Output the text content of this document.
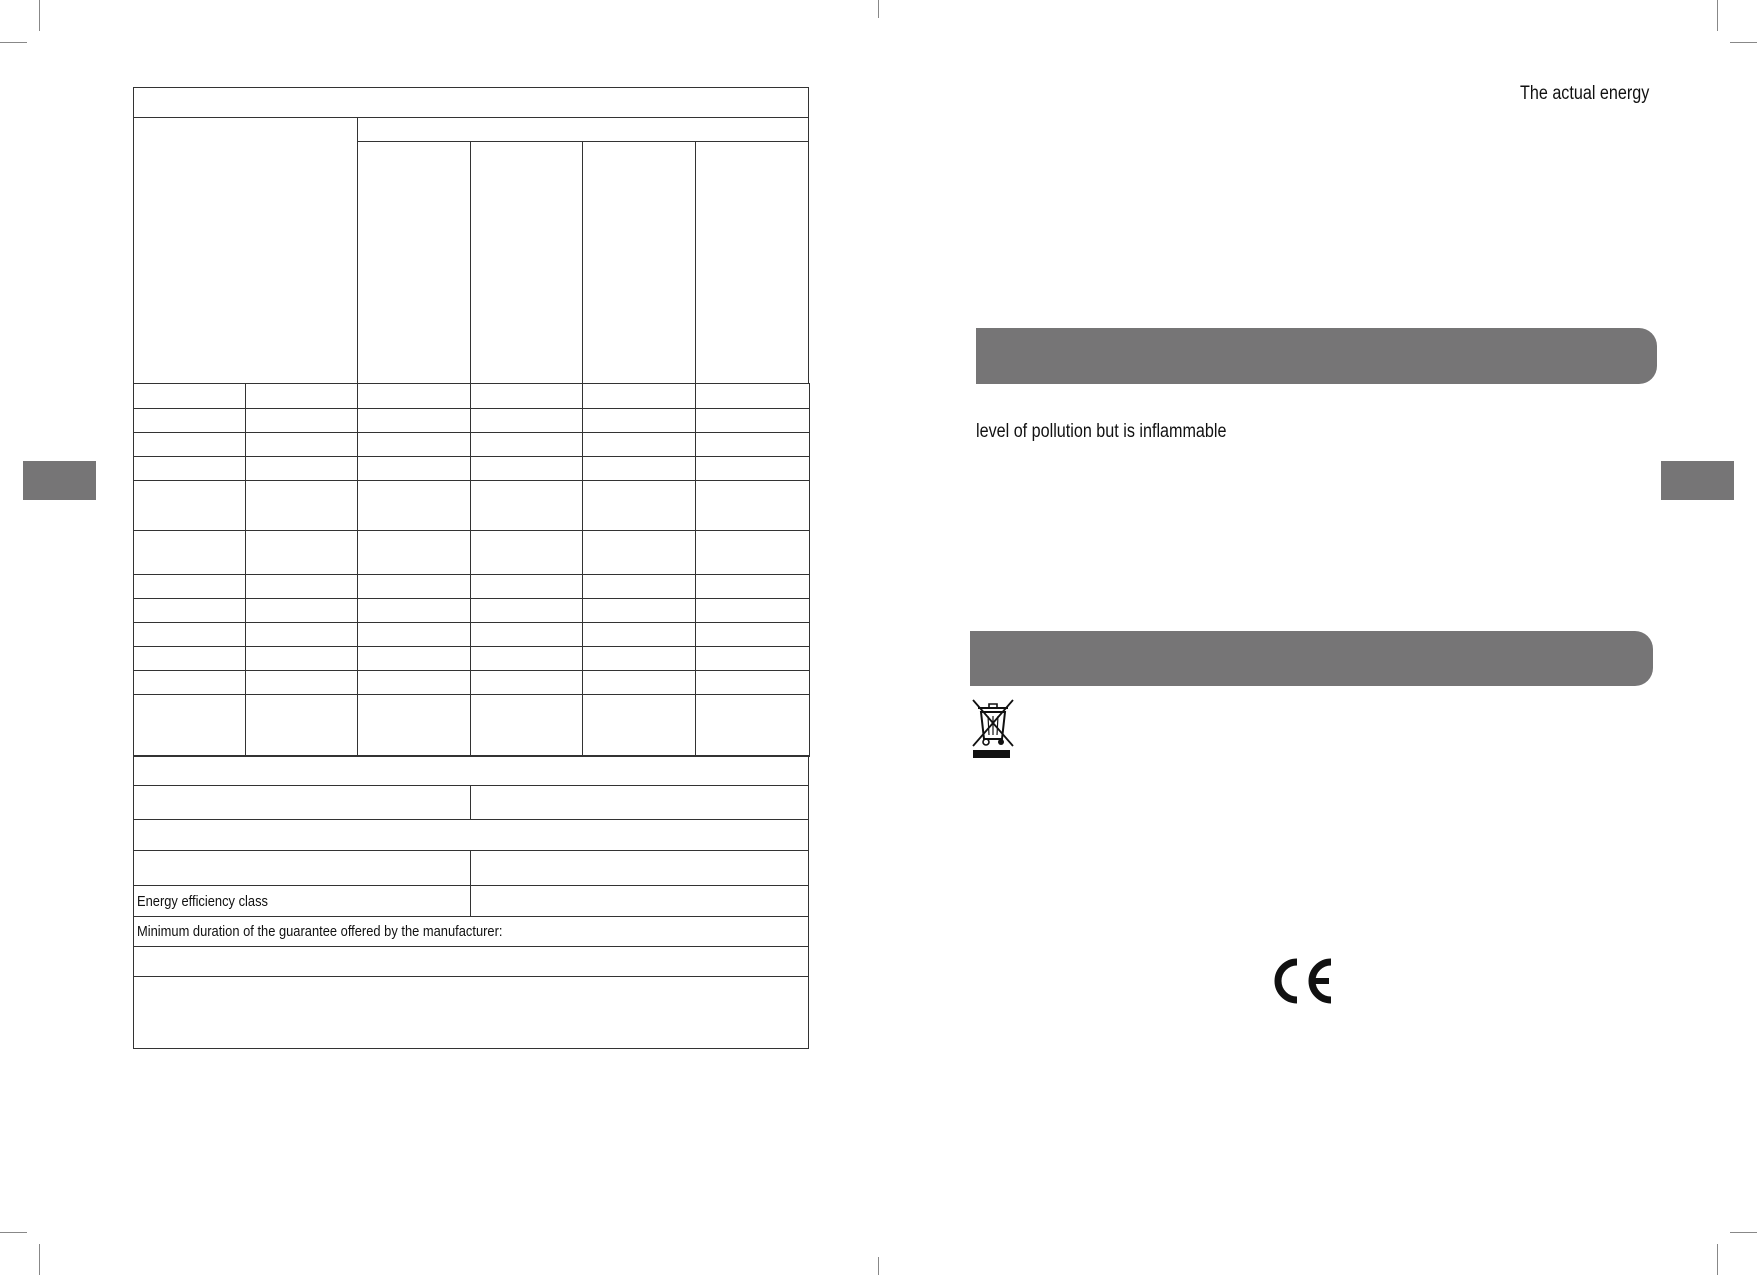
Energy efficiency class
Minimum duration of the guarantee offered by the manufacturer:
The actual energy
level of pollution but is inflammable
